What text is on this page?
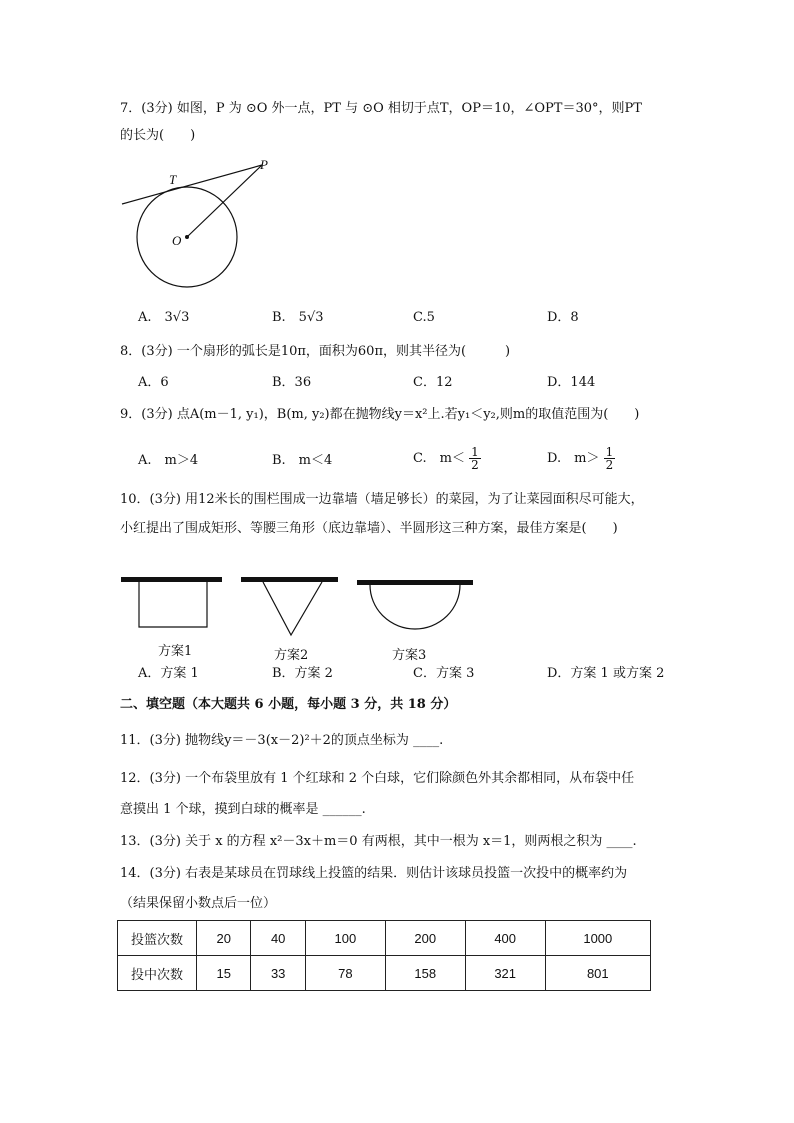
7．(3分) 如图，P 为 ⊙O 外一点，PT 与 ⊙O 相切于点T，OP＝10，∠OPT＝30°，则PT
的长为(　　)
T
P
O
A.　3√3	B.　5√3	C.5	D．8
8．(3分) 一个扇形的弧长是10π，面积为60π，则其半径为(　　　)
A．6	B．36	C．12	D．144
9．(3分) 点A(m－1, y₁)，B(m, y₂)都在抛物线y＝x²上.若y₁＜y₂,则m的取值范围为(　　)
A.　m＞4	B.　m＜4	C.　$m< \frac{1}{2}$	D.　$m> \frac{1}{2}$
10．(3分) 用12米长的围栏围成一边靠墙（墙足够长）的菜园，为了让菜园面积尽可能大，
小红提出了围成矩形、等腰三角形（底边靠墙）、半圆形这三种方案，最佳方案是(　　)
方案1	方案2	方案3
A．方案 1	B．方案 2	C．方案 3	D．方案 1 或方案 2
二、填空题（本大题共 6 小题，每小题 3 分，共 18 分）
11．(3分) 抛物线y＝－3(x－2)²＋2的顶点坐标为 ____.
12．(3分) 一个布袋里放有 1 个红球和 2 个白球，它们除颜色外其余都相同，从布袋中任
意摸出 1 个球，摸到白球的概率是 ______.
13．(3分) 关于 x 的方程 x²－3x＋m＝0 有两根，其中一根为 x＝1，则两根之积为 ____.
14．(3分) 右表是某球员在罚球线上投篮的结果．则估计该球员投篮一次投中的概率约为
（结果保留小数点后一位）
投篮次数	20	40	100	200	400	1000
投中次数	15	33	78	158	321	801
